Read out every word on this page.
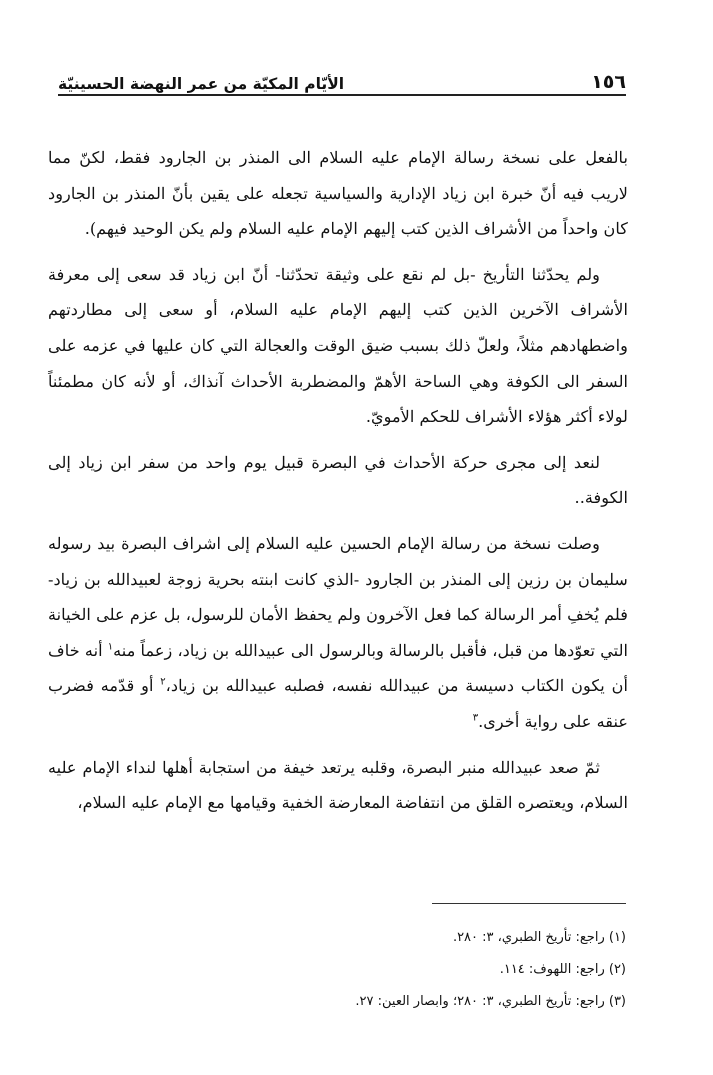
١٥٦
الأيّام المكيّة من عمر النهضة الحسينيّة

بالفعل على نسخة رسالة الإمام عليه السلام الى المنذر بن الجارود فقط، لكنّ مما لاريب فيه أنّ خبرة ابن زياد الإدارية والسياسية تجعله على يقين بأنّ المنذر بن الجارود كان واحداً من الأشراف الذين كتب إليهم الإمام عليه السلام ولم يكن الوحيد فيهم).

ولم يحدّثنا التأريخ -بل لم نقع على وثيقة تحدّثنا- أنّ ابن زياد قد سعى إلى معرفة الأشراف الآخرين الذين كتب إليهم الإمام عليه السلام، أو سعى إلى مطاردتهم واضطهادهم مثلاً، ولعلّ ذلك بسبب ضيق الوقت والعجالة التي كان عليها في عزمه على السفر الى الكوفة وهي الساحة الأهمّ والمضطربة الأحداث آنذاك، أو لأنه كان مطمئناً لولاء أكثر هؤلاء الأشراف للحكم الأمويّ.

لنعد إلى مجرى حركة الأحداث في البصرة قبيل يوم واحد من سفر ابن زياد إلى الكوفة..

وصلت نسخة من رسالة الإمام الحسين عليه السلام إلى اشراف البصرة بيد رسوله سليمان بن رزين إلى المنذر بن الجارود -الذي كانت ابنته بحرية زوجة لعبيدالله بن زياد- فلم يُخفِ أمر الرسالة كما فعل الآخرون ولم يحفظ الأمان للرسول، بل عزم على الخيانة التي تعوّدها من قبل، فأقبل بالرسالة وبالرسول الى عبيدالله بن زياد، زعماً منه$^١$ أنه خاف أن يكون الكتاب دسيسة من عبيدالله نفسه، فصلبه عبيدالله بن زياد،$^٢$ أو قدّمه فضرب عنقه على رواية أخرى.$^٣$

ثمّ صعد عبيدالله منبر البصرة، وقلبه يرتعد خيفة من استجابة أهلها لنداء الإمام عليه السلام، ويعتصره القلق من انتفاضة المعارضة الخفية وقيامها مع الإمام عليه السلام،

(١) راجع: تأريخ الطبري، ٣: ٢٨٠.

(٢) راجع: اللهوف: ١١٤.

(٣) راجع: تأريخ الطبري، ٣: ٢٨٠؛ وابصار العين: ٢٧.
